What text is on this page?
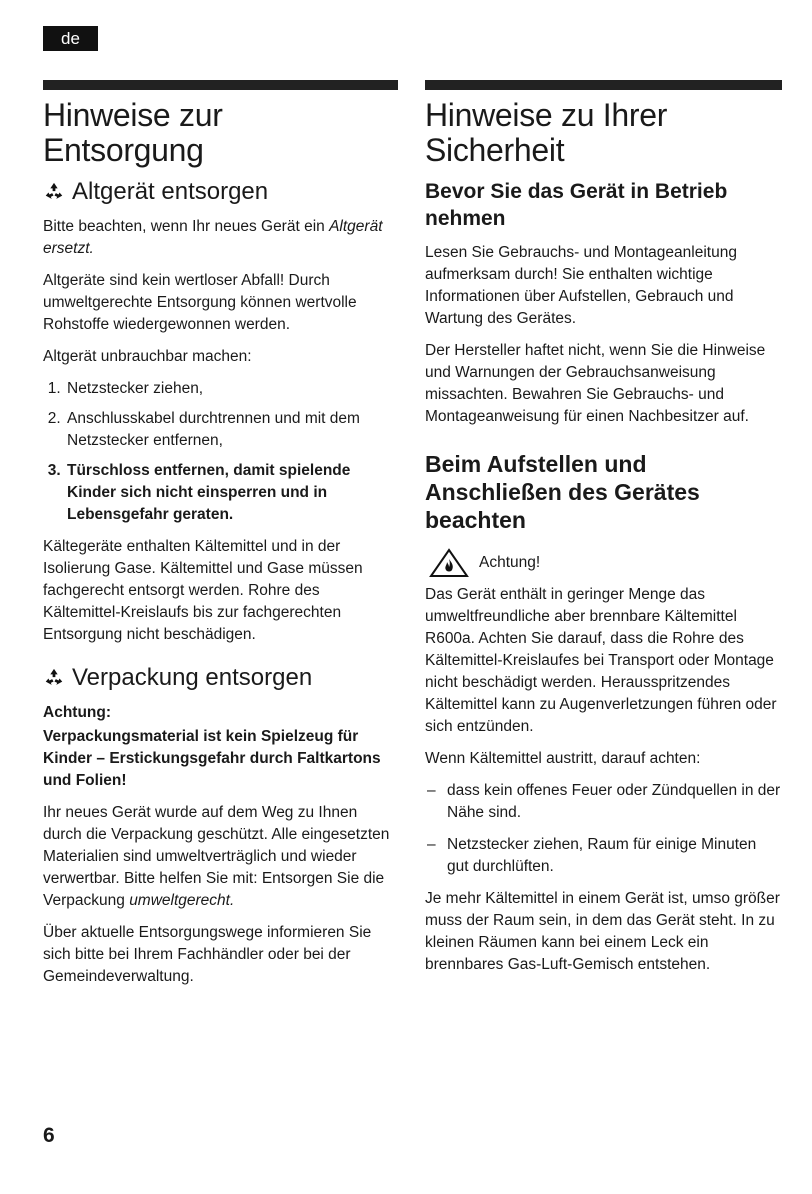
de
Hinweise zur
Entsorgung
Altgerät entsorgen

Bitte beachten, wenn Ihr neues Gerät ein Altgerät ersetzt.

Altgeräte sind kein wertloser Abfall! Durch umweltgerechte Entsorgung können wertvolle Rohstoffe wiedergewonnen werden.

Altgerät unbrauchbar machen:

1. Netzstecker ziehen,
2. Anschlusskabel durchtrennen und mit dem Netzstecker entfernen,
3. Türschloss entfernen, damit spielende Kinder sich nicht einsperren und in Lebensgefahr geraten.

Kältegeräte enthalten Kältemittel und in der Isolierung Gase. Kältemittel und Gase müssen fachgerecht entsorgt werden. Rohre des Kältemittel-Kreislaufs bis zur fachgerechten Entsorgung nicht beschädigen.

Verpackung entsorgen

Achtung:

Verpackungsmaterial ist kein Spielzeug für Kinder – Erstickungsgefahr durch Faltkartons und Folien!

Ihr neues Gerät wurde auf dem Weg zu Ihnen durch die Verpackung geschützt. Alle eingesetzten Materialien sind umweltverträglich und wieder verwertbar. Bitte helfen Sie mit: Entsorgen Sie die Verpackung umweltgerecht.

Über aktuelle Entsorgungswege informieren Sie sich bitte bei Ihrem Fachhändler oder bei der Gemeindeverwaltung.

Hinweise zu Ihrer
Sicherheit
Bevor Sie das Gerät in Betrieb nehmen

Lesen Sie Gebrauchs- und Montageanleitung aufmerksam durch! Sie enthalten wichtige Informationen über Aufstellen, Gebrauch und Wartung des Gerätes.

Der Hersteller haftet nicht, wenn Sie die Hinweise und Warnungen der Gebrauchsanweisung missachten. Bewahren Sie Gebrauchs- und Montageanweisung für einen Nachbesitzer auf.

Beim Aufstellen und Anschließen des Gerätes beachten
Achtung!

Das Gerät enthält in geringer Menge das umweltfreundliche aber brennbare Kältemittel R600a. Achten Sie darauf, dass die Rohre des Kältemittel-Kreislaufes bei Transport oder Montage nicht beschädigt werden. Herausspritzendes Kältemittel kann zu Augenverletzungen führen oder sich entzünden.

Wenn Kältemittel austritt, darauf achten:

– dass kein offenes Feuer oder Zündquellen in der Nähe sind.
– Netzstecker ziehen, Raum für einige Minuten gut durchlüften.

Je mehr Kältemittel in einem Gerät ist, umso größer muss der Raum sein, in dem das Gerät steht. In zu kleinen Räumen kann bei einem Leck ein brennbares Gas-Luft-Gemisch entstehen.

6
